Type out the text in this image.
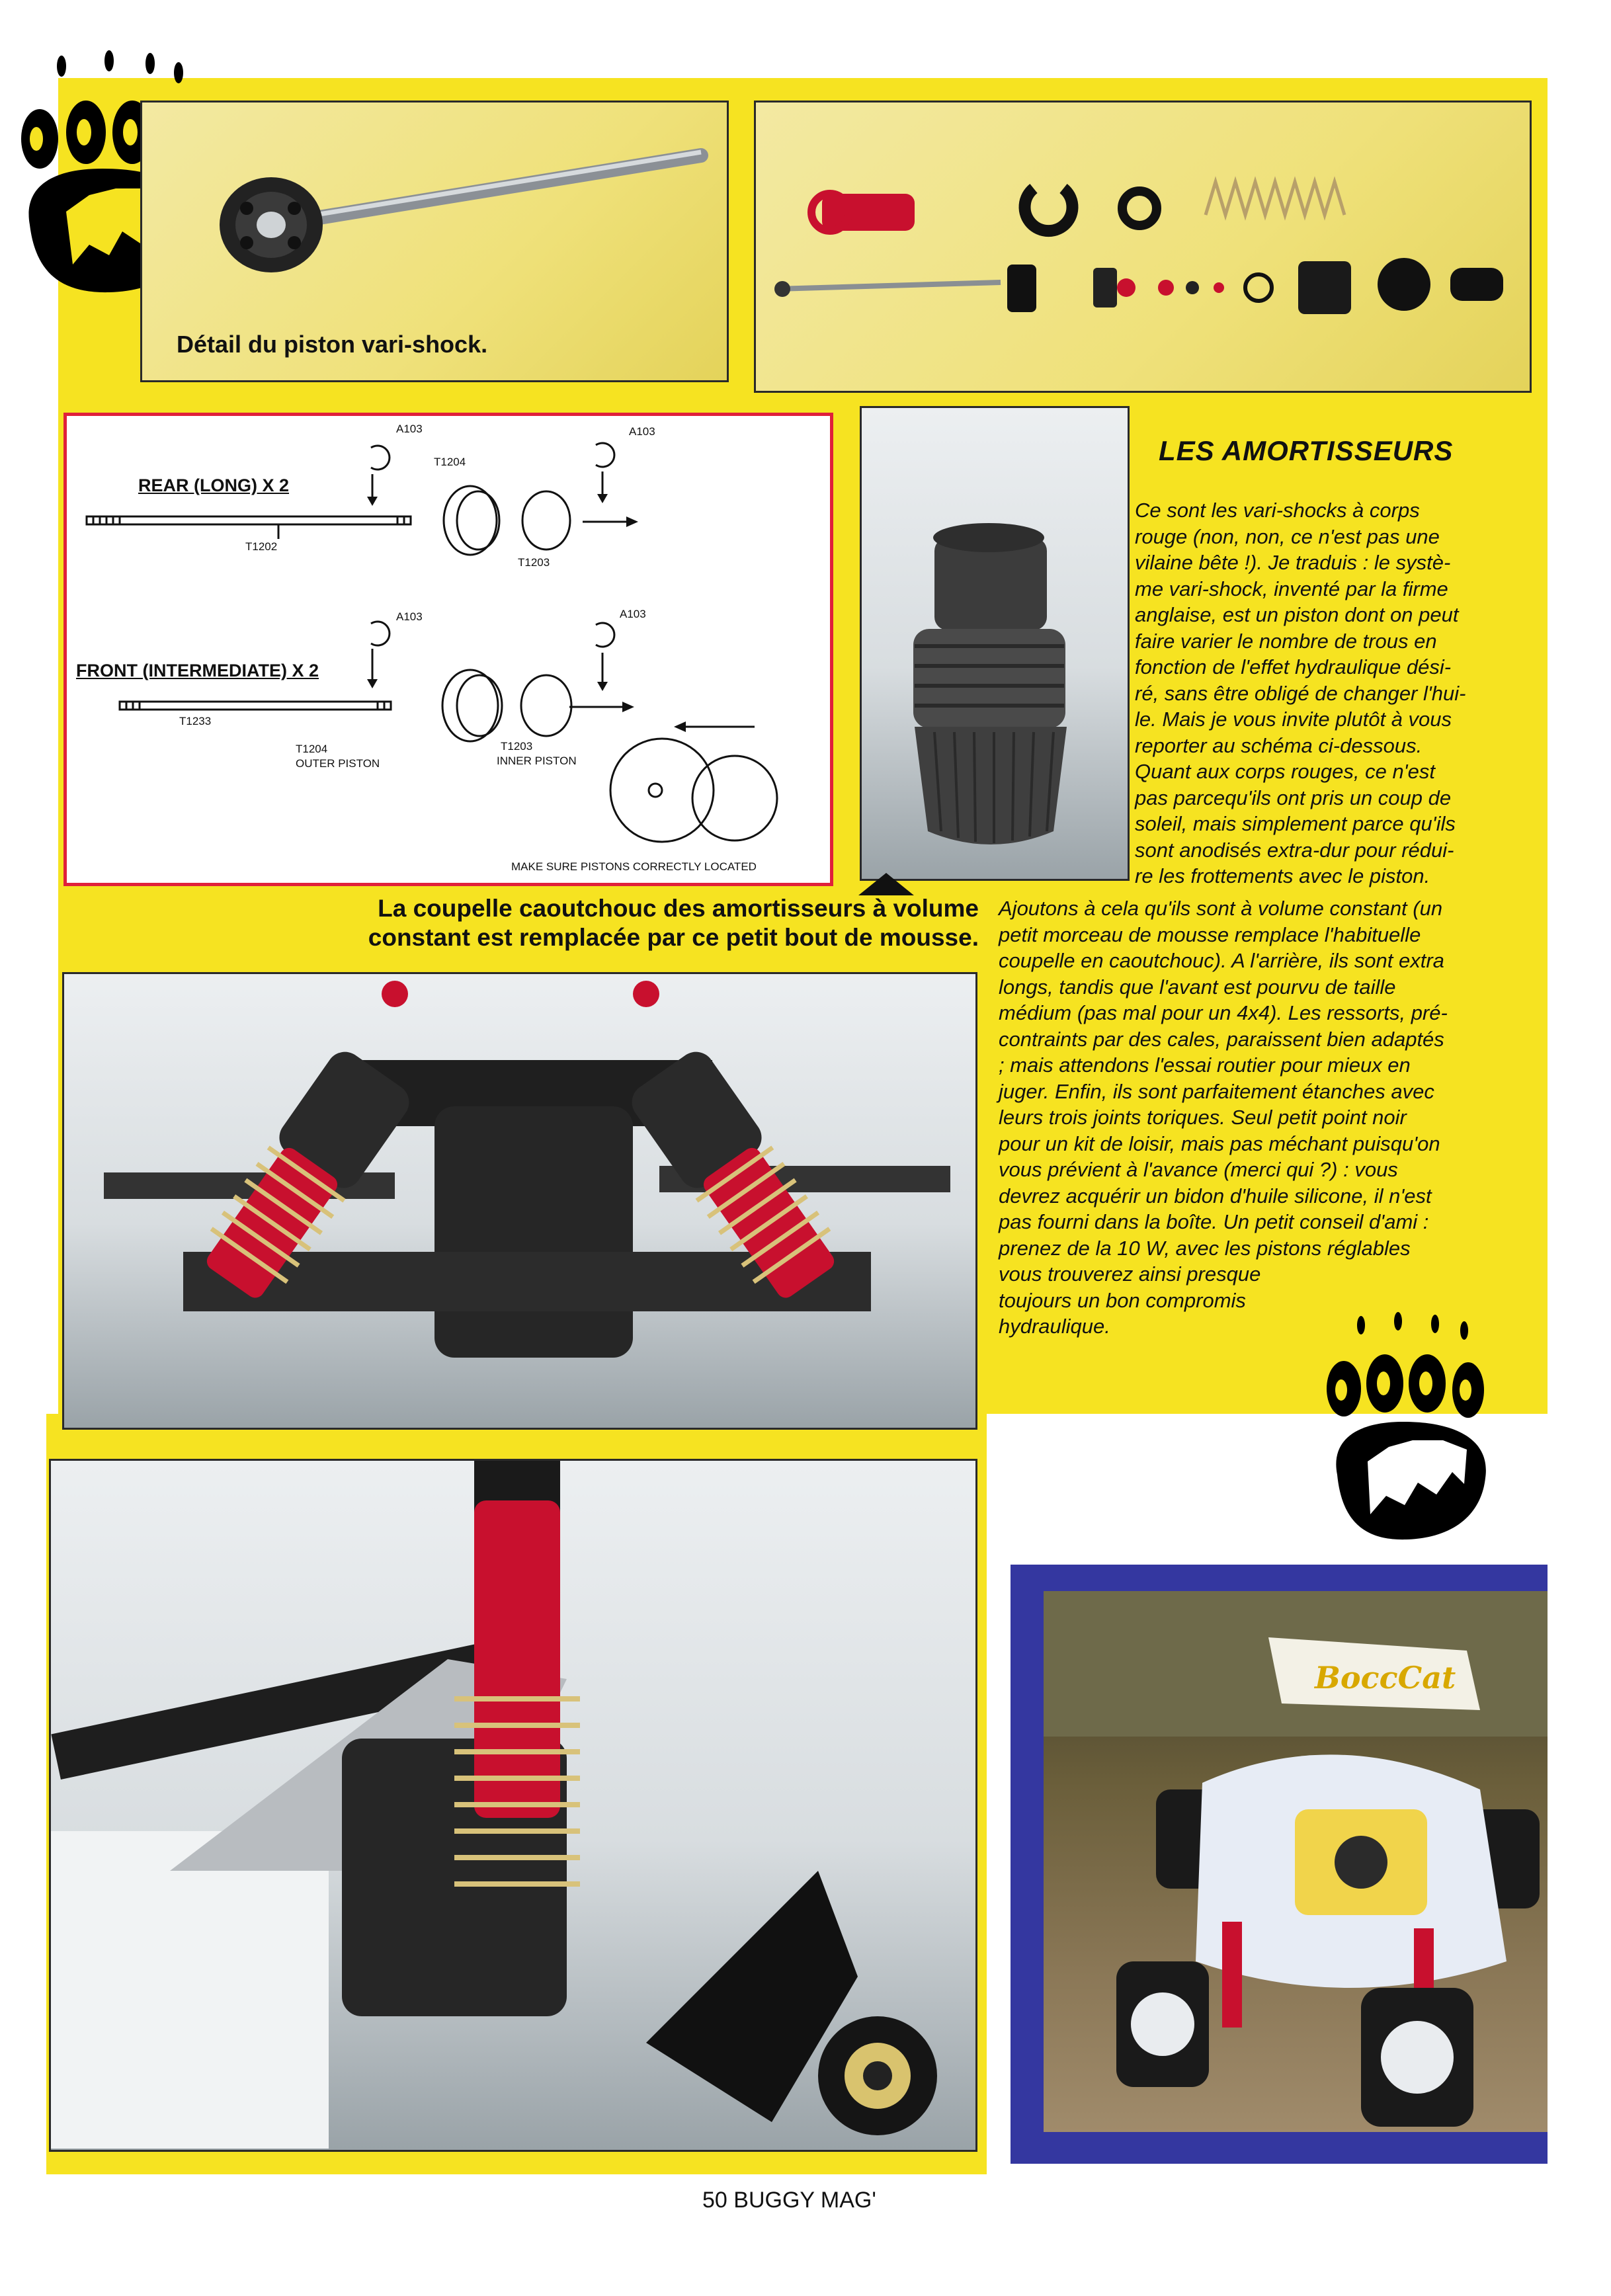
Détail du piston vari-shock.
A103	A103
T1204
REAR (LONG) X 2
T1202
T1203
A103	A103
FRONT (INTERMEDIATE) X 2
T1233
T1204
OUTER PISTON
T1203
INNER PISTON
MAKE SURE PISTONS CORRECTLY LOCATED
LES AMORTISSEURS
Ce sont les vari-shocks à corps
rouge (non, non, ce n'est pas une
vilaine bête !). Je traduis : le systè-
me vari-shock, inventé par la firme
anglaise, est un piston dont on peut
faire varier le nombre de trous en
fonction de l'effet hydraulique dési-
ré, sans être obligé de changer l'hui-
le. Mais je vous invite plutôt à vous
reporter au schéma ci-dessous.
Quant aux corps rouges, ce n'est
pas parcequ'ils ont pris un coup de
soleil, mais simplement parce qu'ils
sont anodisés extra-dur pour rédui-
re les frottements avec le piston.
La coupelle caoutchouc des amortisseurs à volume
constant est remplacée par ce petit bout de mousse.
Ajoutons à cela qu'ils sont à volume constant (un
petit morceau de mousse remplace l'habituelle
coupelle en caoutchouc). A l'arrière, ils sont extra
longs, tandis que l'avant est pourvu de taille
médium (pas mal pour un 4x4). Les ressorts, pré-
contraints par des cales, paraissent bien adaptés
; mais attendons l'essai routier pour mieux en
juger. Enfin, ils sont parfaitement étanches avec
leurs trois joints toriques. Seul petit point noir
pour un kit de loisir, mais pas méchant puisqu'on
vous prévient à l'avance (merci qui ?) : vous
devrez acquérir un bidon d'huile silicone, il n'est
pas fourni dans la boîte. Un petit conseil d'ami :
prenez de la 10 W, avec les pistons réglables
vous trouverez ainsi presque
toujours un bon compromis
hydraulique.
BoccCat
50 BUGGY MAG'
